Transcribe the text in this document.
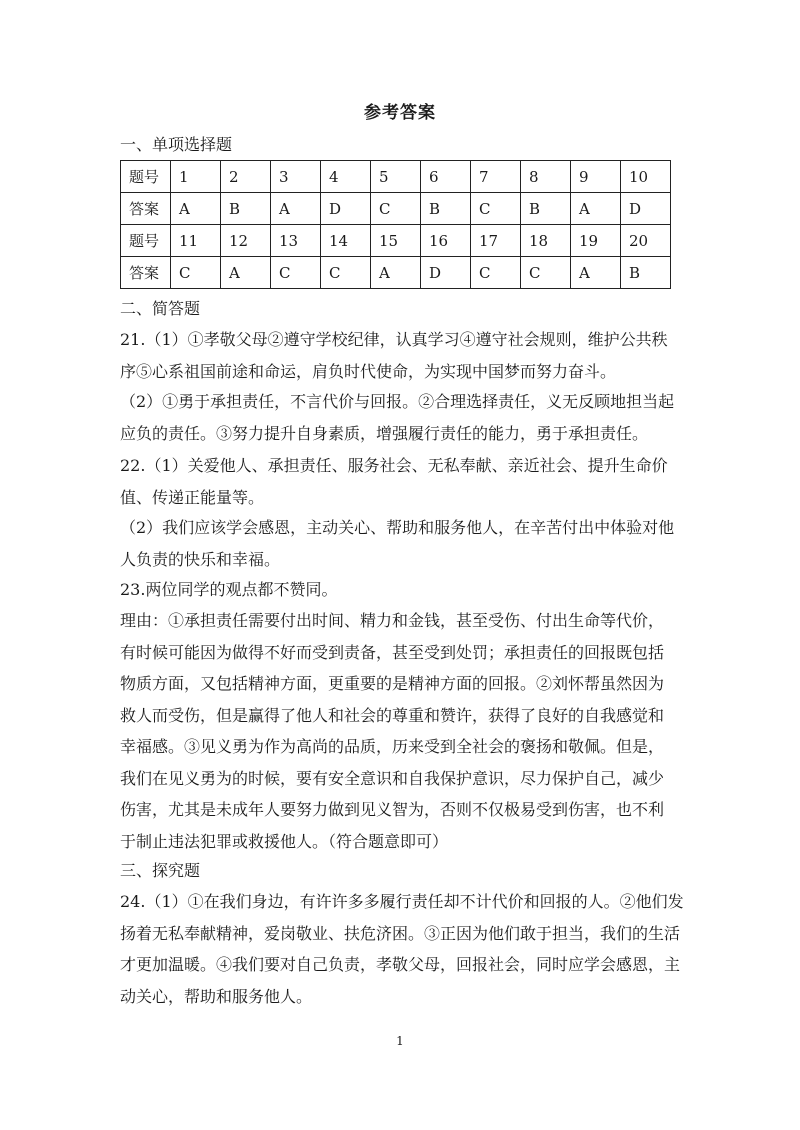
参考答案
一、单项选择题
题号	1	2	3	4	5	6	7	8	9	10
答案	A	B	A	D	C	B	C	B	A	D
题号	11	12	13	14	15	16	17	18	19	20
答案	C	A	C	C	A	D	C	C	A	B
二、简答题
21.（1）①孝敬父母②遵守学校纪律，认真学习④遵守社会规则，维护公共秩
序⑤心系祖国前途和命运，肩负时代使命，为实现中国梦而努力奋斗。
（2）①勇于承担责任，不言代价与回报。②合理选择责任，义无反顾地担当起
应负的责任。③努力提升自身素质，增强履行责任的能力，勇于承担责任。
22.（1）关爱他人、承担责任、服务社会、无私奉献、亲近社会、提升生命价
值、传递正能量等。
（2）我们应该学会感恩，主动关心、帮助和服务他人，在辛苦付出中体验对他
人负责的快乐和幸福。
23.两位同学的观点都不赞同。
理由：①承担责任需要付出时间、精力和金钱，甚至受伤、付出生命等代价，
有时候可能因为做得不好而受到责备，甚至受到处罚；承担责任的回报既包括
物质方面，又包括精神方面，更重要的是精神方面的回报。②刘怀帮虽然因为
救人而受伤，但是赢得了他人和社会的尊重和赞许，获得了良好的自我感觉和
幸福感。③见义勇为作为高尚的品质，历来受到全社会的褒扬和敬佩。但是，
我们在见义勇为的时候，要有安全意识和自我保护意识，尽力保护自己，减少
伤害，尤其是未成年人要努力做到见义智为，否则不仅极易受到伤害，也不利
于制止违法犯罪或救援他人。（符合题意即可）
三、探究题
24.（1）①在我们身边，有许许多多履行责任却不计代价和回报的人。②他们发
扬着无私奉献精神，爱岗敬业、扶危济困。③正因为他们敢于担当，我们的生活
才更加温暖。④我们要对自己负责，孝敬父母，回报社会，同时应学会感恩，主
动关心，帮助和服务他人。
1
